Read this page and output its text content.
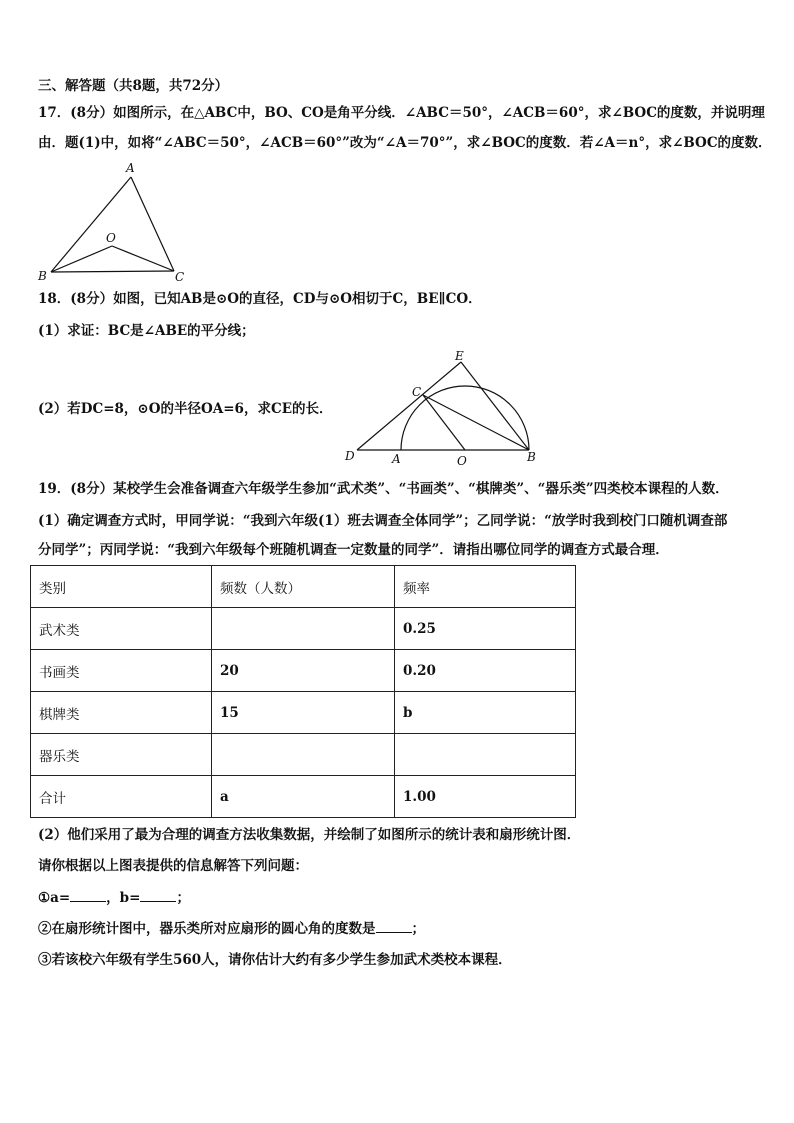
三、解答题（共8题，共72分）
17．(8分）如图所示，在△ABC中，BO、CO是角平分线．∠ABC＝50°，∠ACB＝60°，求∠BOC的度数，并说明理
由．题(1)中，如将“∠ABC＝50°，∠ACB＝60°”改为“∠A＝70°”，求∠BOC的度数．若∠A＝n°，求∠BOC的度数．
A
B	C
O
18．(8分）如图，已知AB是⊙O的直径，CD与⊙O相切于C，BE∥CO．
(1）求证：BC是∠ABE的平分线；
(2）若DC=8，⊙O的半径OA=6，求CE的长．
E
C
D	A	O	B
19．(8分）某校学生会准备调查六年级学生参加“武术类”、“书画类”、“棋牌类”、“器乐类”四类校本课程的人数．
(1）确定调查方式时，甲同学说：“我到六年级(1）班去调查全体同学”；乙同学说：“放学时我到校门口随机调查部
分同学”；丙同学说：“我到六年级每个班随机调查一定数量的同学”．请指出哪位同学的调查方式最合理．
类别	频数（人数）	频率
武术类		0.25
书画类	20	0.20
棋牌类	15	b
器乐类		
合计	a	1.00
(2）他们采用了最为合理的调查方法收集数据，并绘制了如图所示的统计表和扇形统计图．
请你根据以上图表提供的信息解答下列问题：
①a=	，b=	；
②在扇形统计图中，器乐类所对应扇形的圆心角的度数是	；
③若该校六年级有学生560人，请你估计大约有多少学生参加武术类校本课程．
